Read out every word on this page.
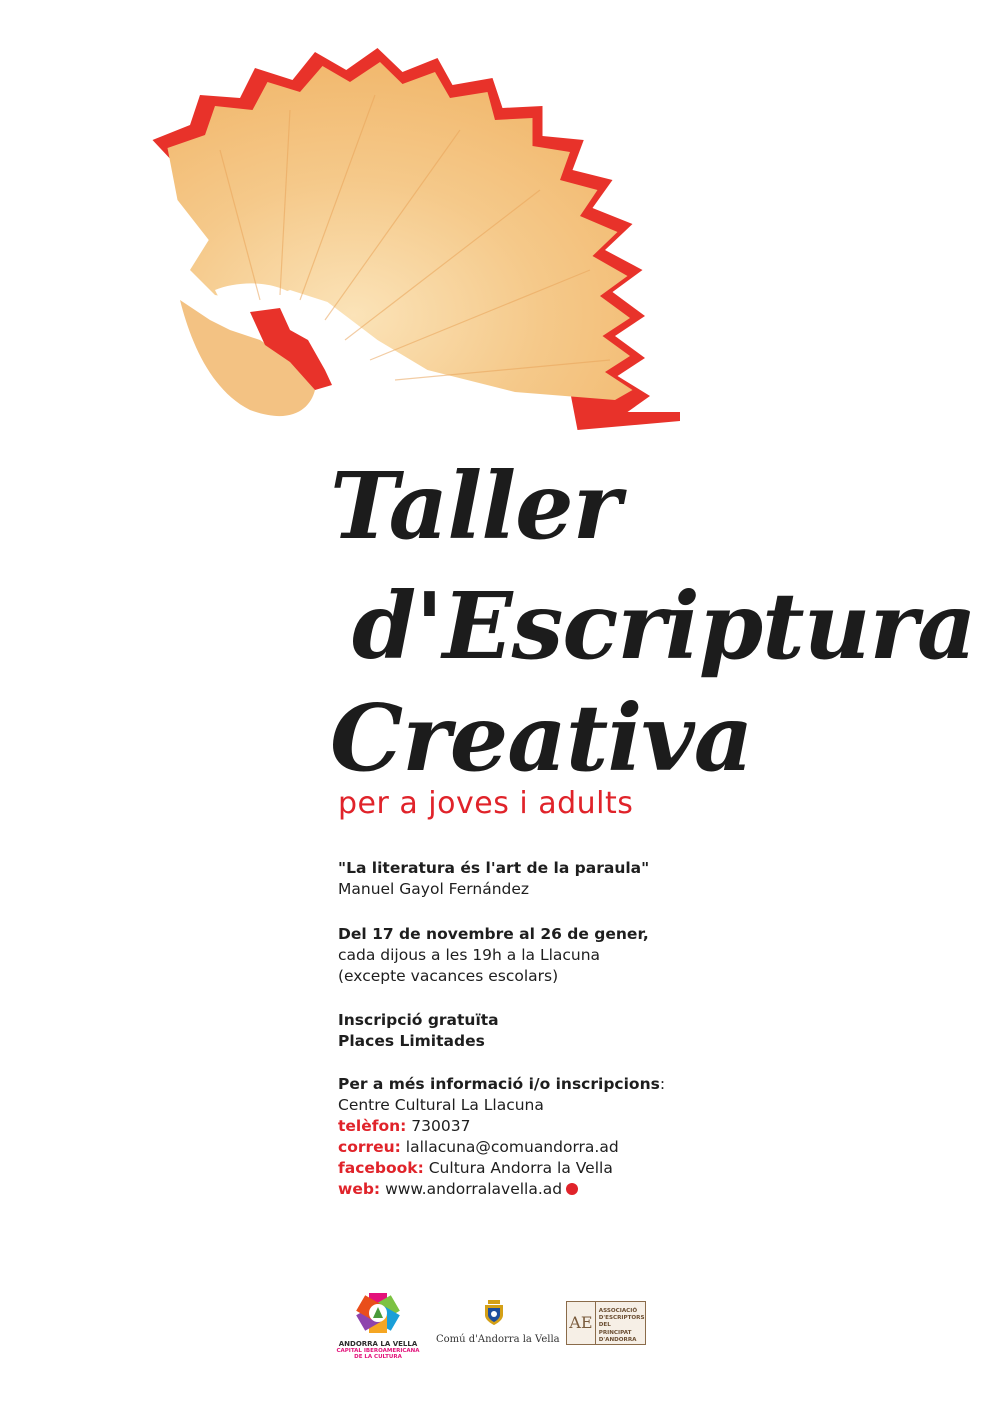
Taller
d'Escriptura
Creativa
per a joves i adults
"La literatura és l'art de la paraula"
Manuel Gayol Fernández
Del 17 de novembre al 26 de gener,
cada dijous a les 19h a la Llacuna
(excepte vacances escolars)
Inscripció gratuïta
Places Limitades
Per a més informació i/o inscripcions:
Centre Cultural La Llacuna
telèfon: 730037
correu: lallacuna@comuandorra.ad
facebook: Cultura Andorra la Vella
web: www.andorralavella.ad
ANDORRA LA VELLA
CAPITAL IBEROAMERICANA
DE LA CULTURA
Comú d'Andorra la Vella
AE
ASSOCIACIÓ
D'ESCRIPTORS
DEL PRINCIPAT
D'ANDORRA
